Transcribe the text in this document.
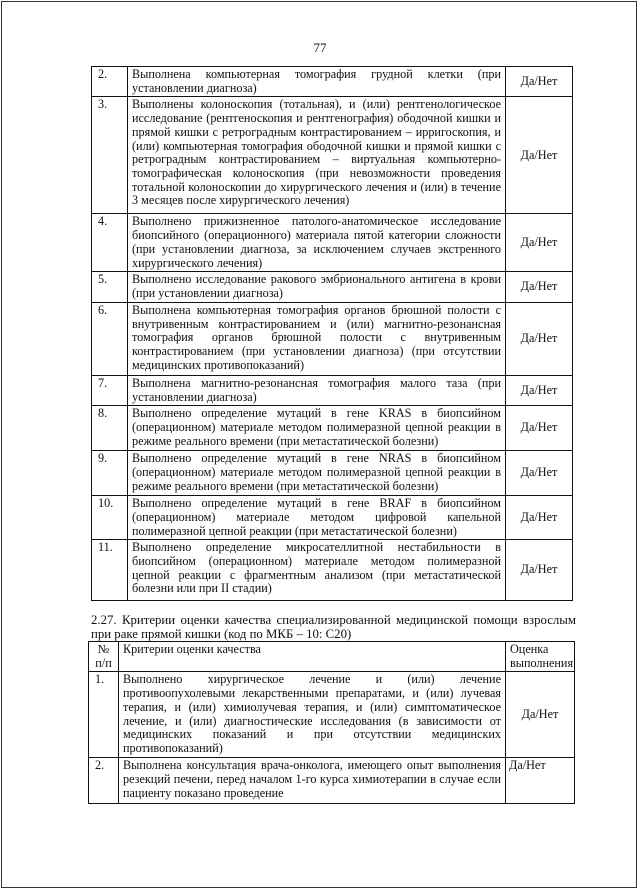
77
2.	Выполнена компьютерная томография грудной клетки (при установлении диагноза)	Да/Нет
3.	Выполнены колоноскопия (тотальная), и (или) рентгенологическое исследование (рентгеноскопия и рентгенография) ободочной кишки и прямой кишки с ретроградным контрастированием – ирригоскопия, и (или) компьютерная томография ободочной кишки и прямой кишки с ретроградным контрастированием – виртуальная компьютерно-томографическая колоноскопия (при невозможности проведения тотальной колоноскопии до хирургического лечения и (или) в течение 3 месяцев после хирургического лечения)	Да/Нет
4.	Выполнено прижизненное патолого-анатомическое исследование биопсийного (операционного) материала пятой категории сложности (при установлении диагноза, за исключением случаев экстренного хирургического лечения)	Да/Нет
5.	Выполнено исследование ракового эмбрионального антигена в крови (при установлении диагноза)	Да/Нет
6.	Выполнена компьютерная томография органов брюшной полости с внутривенным контрастированием и (или) магнитно-резонансная томография органов брюшной полости с внутривенным контрастированием (при установлении диагноза) (при отсутствии медицинских противопоказаний)	Да/Нет
7.	Выполнена магнитно-резонансная томография малого таза (при установлении диагноза)	Да/Нет
8.	Выполнено определение мутаций в гене KRAS в биопсийном (операционном) материале методом полимеразной цепной реакции в режиме реального времени (при метастатической болезни)	Да/Нет
9.	Выполнено определение мутаций в гене NRAS в биопсийном (операционном) материале методом полимеразной цепной реакции в режиме реального времени (при метастатической болезни)	Да/Нет
10.	Выполнено определение мутаций в гене BRAF в биопсийном (операционном) материале методом цифровой капельной полимеразной цепной реакции (при метастатической болезни)	Да/Нет
11.	Выполнено определение микросателлитной нестабильности в биопсийном (операционном) материале методом полимеразной цепной реакции с фрагментным анализом (при метастатической болезни или при II стадии)	Да/Нет
2.27. Критерии оценки качества специализированной медицинской помощи взрослым при раке прямой кишки (код по МКБ – 10: C20)
№ п/п	Критерии оценки качества	Оценка выполнения
1.	Выполнено хирургическое лечение и (или) лечение противоопухолевыми лекарственными препаратами, и (или) лучевая терапия, и (или) химиолучевая терапия, и (или) симптоматическое лечение, и (или) диагностические исследования (в зависимости от медицинских показаний и при отсутствии медицинских противопоказаний)	Да/Нет
2.	Выполнена консультация врача-онколога, имеющего опыт выполнения резекций печени, перед началом 1-го курса химиотерапии в случае если пациенту показано проведение	Да/Нет
